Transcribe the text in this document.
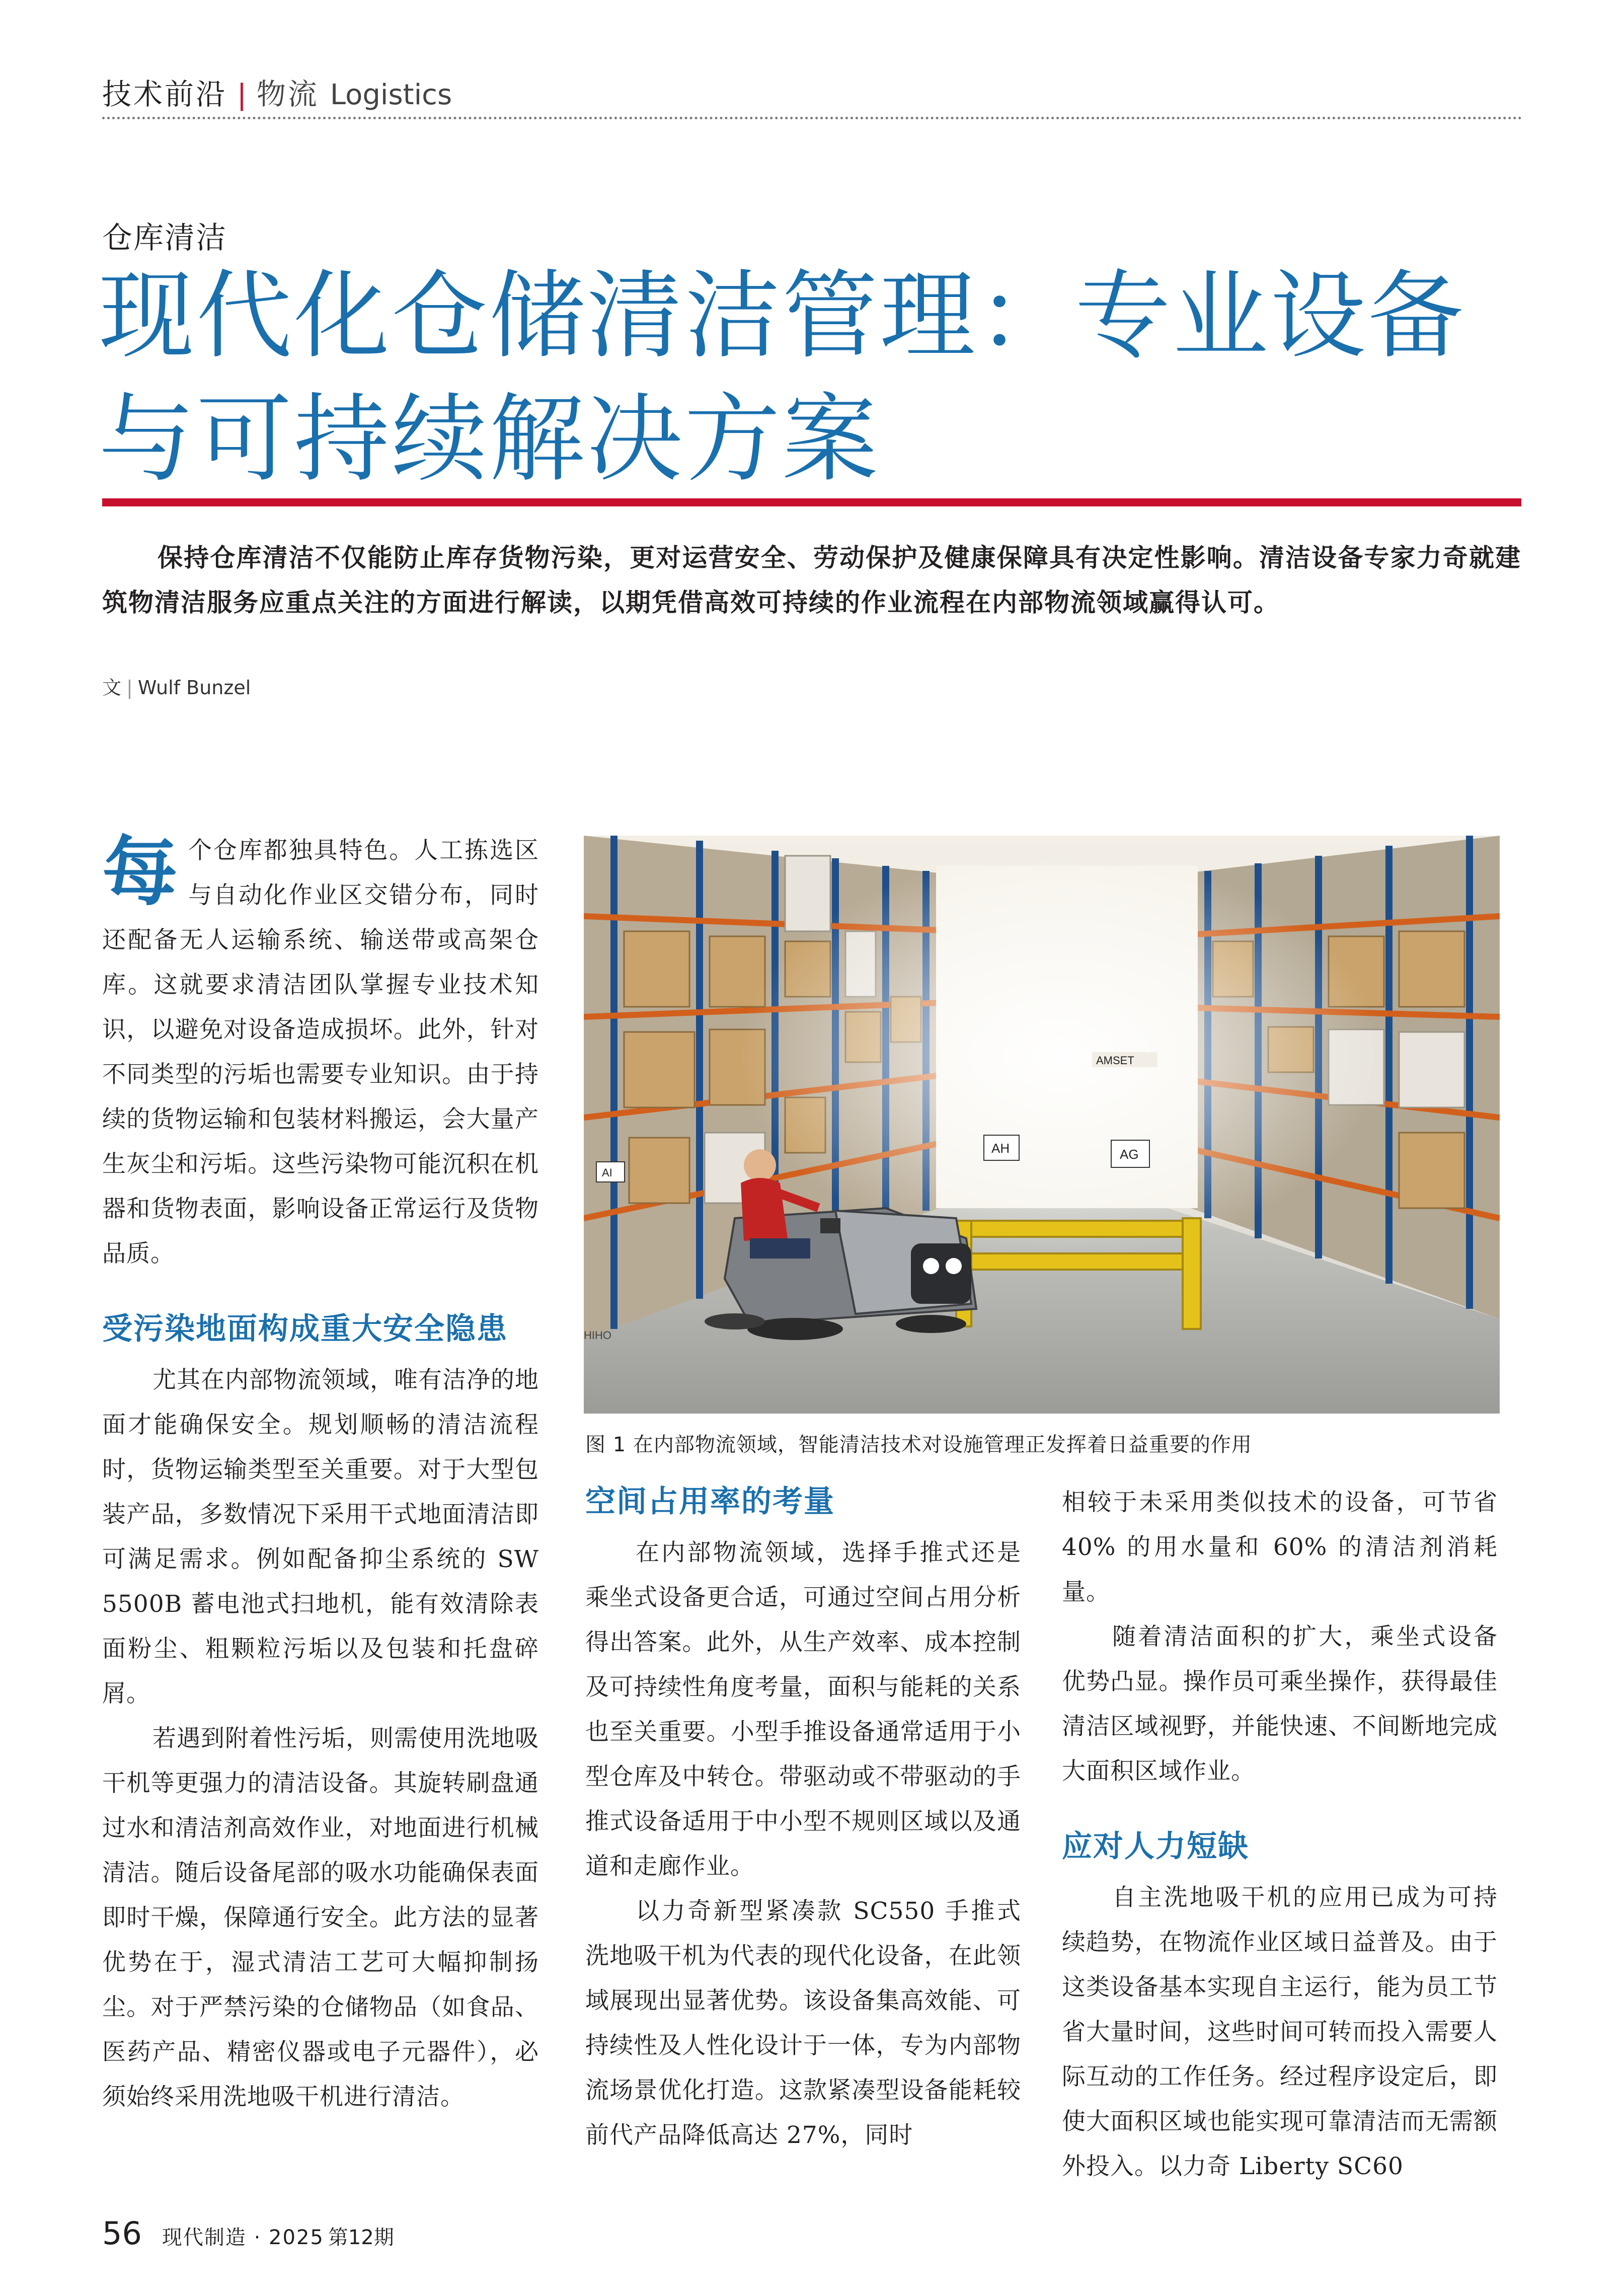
技术前沿 | 物流 Logistics
仓库清洁
现代化仓储清洁管理：专业设备
与可持续解决方案

保持仓库清洁不仅能防止库存货物污染，更对运营安全、劳动保护及健康保障具有决定性影响。清洁设备专家力奇就建筑物清洁服务应重点关注的方面进行解读，以期凭借高效可持续的作业流程在内部物流领域赢得认可。

文 | Wulf Bunzel

每个仓库都独具特色。人工拣选区与自动化作业区交错分布，同时还配备无人运输系统、输送带或高架仓库。这就要求清洁团队掌握专业技术知识，以避免对设备造成损坏。此外，针对不同类型的污垢也需要专业知识。由于持续的货物运输和包装材料搬运，会大量产生灰尘和污垢。这些污染物可能沉积在机器和货物表面，影响设备正常运行及货物品质。

受污染地面构成重大安全隐患

尤其在内部物流领域，唯有洁净的地面才能确保安全。规划顺畅的清洁流程时，货物运输类型至关重要。对于大型包装产品，多数情况下采用干式地面清洁即可满足需求。例如配备抑尘系统的 SW 5500B 蓄电池式扫地机，能有效清除表面粉尘、粗颗粒污垢以及包装和托盘碎屑。

若遇到附着性污垢，则需使用洗地吸干机等更强力的清洁设备。其旋转刷盘通过水和清洁剂高效作业，对地面进行机械清洁。随后设备尾部的吸水功能确保表面即时干燥，保障通行安全。此方法的显著优势在于，湿式清洁工艺可大幅抑制扬尘。对于严禁污染的仓储物品（如食品、医药产品、精密仪器或电子元器件），必须始终采用洗地吸干机进行清洁。

AH	AG
AI
AMSET
HIHO
图 1 在内部物流领域，智能清洁技术对设施管理正发挥着日益重要的作用
空间占用率的考量

在内部物流领域，选择手推式还是乘坐式设备更合适，可通过空间占用分析得出答案。此外，从生产效率、成本控制及可持续性角度考量，面积与能耗的关系也至关重要。小型手推设备通常适用于小型仓库及中转仓。带驱动或不带驱动的手推式设备适用于中小型不规则区域以及通道和走廊作业。

以力奇新型紧凑款 SC550 手推式洗地吸干机为代表的现代化设备，在此领域展现出显著优势。该设备集高效能、可持续性及人性化设计于一体，专为内部物流场景优化打造。这款紧凑型设备能耗较前代产品降低高达 27%，同时

相较于未采用类似技术的设备，可节省 40% 的用水量和 60% 的清洁剂消耗量。

随着清洁面积的扩大，乘坐式设备优势凸显。操作员可乘坐操作，获得最佳清洁区域视野，并能快速、不间断地完成大面积区域作业。

应对人力短缺

自主洗地吸干机的应用已成为可持续趋势，在物流作业区域日益普及。由于这类设备基本实现自主运行，能为员工节省大量时间，这些时间可转而投入需要人际互动的工作任务。经过程序设定后，即使大面积区域也能实现可靠清洁而无需额外投入。以力奇 Liberty SC60

56 现代制造 · 2025 第12期
